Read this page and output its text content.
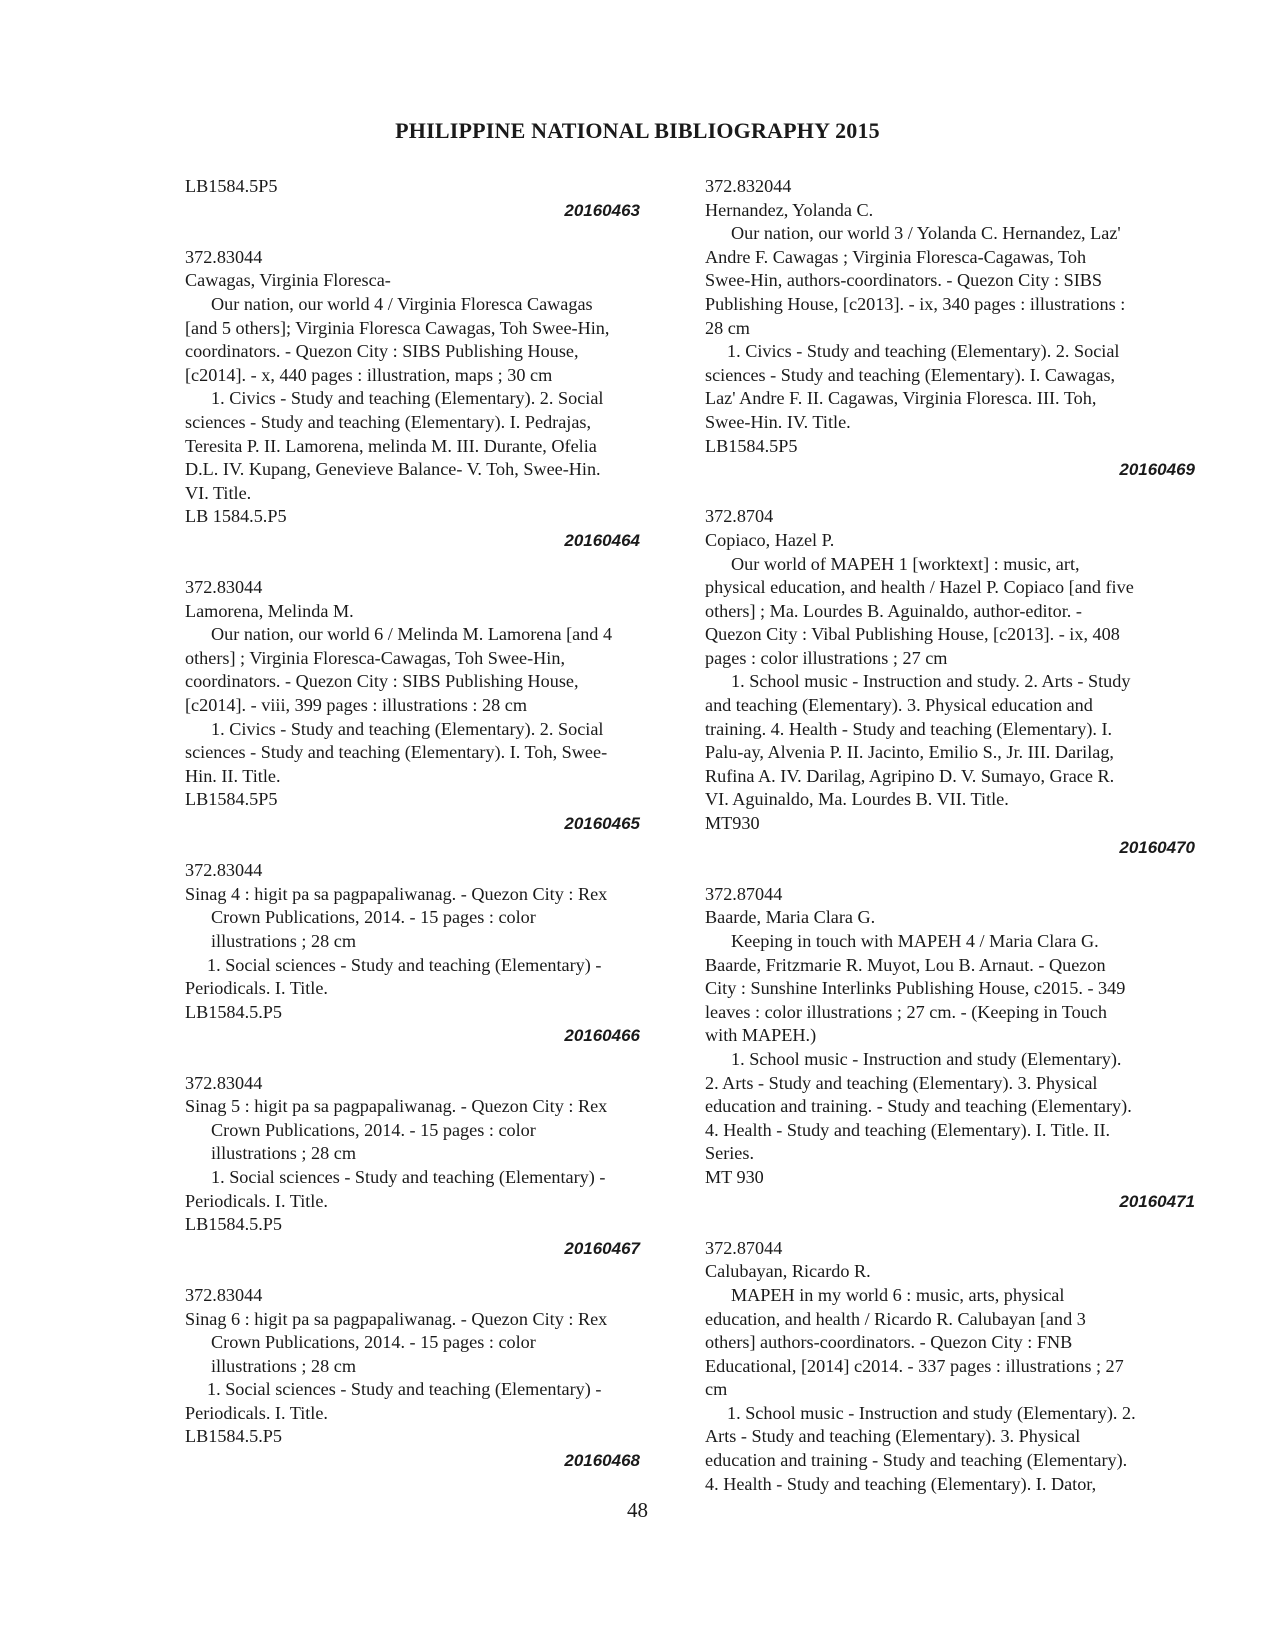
PHILIPPINE NATIONAL BIBLIOGRAPHY 2015
LB1584.5P5
20160463
372.83044
Cawagas, Virginia Floresca-
Our nation, our world 4 / Virginia Floresca Cawagas
[and 5 others]; Virginia Floresca Cawagas, Toh Swee-Hin,
coordinators. - Quezon City : SIBS Publishing House,
[c2014]. - x, 440 pages : illustration, maps ; 30 cm
1. Civics - Study and teaching (Elementary). 2. Social
sciences - Study and teaching (Elementary). I. Pedrajas,
Teresita P. II. Lamorena, melinda M. III. Durante, Ofelia
D.L. IV. Kupang, Genevieve Balance- V. Toh, Swee-Hin.
VI. Title.
LB 1584.5.P5
20160464
372.83044
Lamorena, Melinda M.
Our nation, our world 6 / Melinda M. Lamorena [and 4
others] ; Virginia Floresca-Cawagas, Toh Swee-Hin,
coordinators. - Quezon City : SIBS Publishing House,
[c2014]. - viii, 399 pages : illustrations : 28 cm
1. Civics - Study and teaching (Elementary). 2. Social
sciences - Study and teaching (Elementary). I. Toh, Swee-
Hin. II. Title.
LB1584.5P5
20160465
372.83044
Sinag 4 : higit pa sa pagpapaliwanag. - Quezon City : Rex
Crown Publications, 2014. - 15 pages : color
illustrations ; 28 cm
1. Social sciences - Study and teaching (Elementary) -
Periodicals. I. Title.
LB1584.5.P5
20160466
372.83044
Sinag 5 : higit pa sa pagpapaliwanag. - Quezon City : Rex
Crown Publications, 2014. - 15 pages : color
illustrations ; 28 cm
1. Social sciences - Study and teaching (Elementary) -
Periodicals. I. Title.
LB1584.5.P5
20160467
372.83044
Sinag 6 : higit pa sa pagpapaliwanag. - Quezon City : Rex
Crown Publications, 2014. - 15 pages : color
illustrations ; 28 cm
1. Social sciences - Study and teaching (Elementary) -
Periodicals. I. Title.
LB1584.5.P5
20160468
372.832044
Hernandez, Yolanda C.
Our nation, our world 3 / Yolanda C. Hernandez, Laz'
Andre F. Cawagas ; Virginia Floresca-Cagawas, Toh
Swee-Hin, authors-coordinators. - Quezon City : SIBS
Publishing House, [c2013]. - ix, 340 pages : illustrations :
28 cm
1. Civics - Study and teaching (Elementary). 2. Social
sciences - Study and teaching (Elementary). I. Cawagas,
Laz' Andre F. II. Cagawas, Virginia Floresca. III. Toh,
Swee-Hin. IV. Title.
LB1584.5P5
20160469
372.8704
Copiaco, Hazel P.
Our world of MAPEH 1 [worktext] : music, art,
physical education, and health / Hazel P. Copiaco [and five
others] ; Ma. Lourdes B. Aguinaldo, author-editor. -
Quezon City : Vibal Publishing House, [c2013]. - ix, 408
pages : color illustrations ; 27 cm
1. School music - Instruction and study. 2. Arts - Study
and teaching (Elementary). 3. Physical education and
training. 4. Health - Study and teaching (Elementary). I.
Palu-ay, Alvenia P. II. Jacinto, Emilio S., Jr. III. Darilag,
Rufina A. IV. Darilag, Agripino D. V. Sumayo, Grace R.
VI. Aguinaldo, Ma. Lourdes B. VII. Title.
MT930
20160470
372.87044
Baarde, Maria Clara G.
Keeping in touch with MAPEH 4 / Maria Clara G.
Baarde, Fritzmarie R. Muyot, Lou B. Arnaut. - Quezon
City : Sunshine Interlinks Publishing House, c2015. - 349
leaves : color illustrations ; 27 cm. - (Keeping in Touch
with MAPEH.)
1. School music - Instruction and study (Elementary).
2. Arts - Study and teaching (Elementary). 3. Physical
education and training. - Study and teaching (Elementary).
4. Health - Study and teaching (Elementary). I. Title. II.
Series.
MT 930
20160471
372.87044
Calubayan, Ricardo R.
MAPEH in my world 6 : music, arts, physical
education, and health / Ricardo R. Calubayan [and 3
others] authors-coordinators. - Quezon City : FNB
Educational, [2014] c2014. - 337 pages : illustrations ; 27
cm
1. School music - Instruction and study (Elementary). 2.
Arts - Study and teaching (Elementary). 3. Physical
education and training - Study and teaching (Elementary).
4. Health - Study and teaching (Elementary). I. Dator,
48
